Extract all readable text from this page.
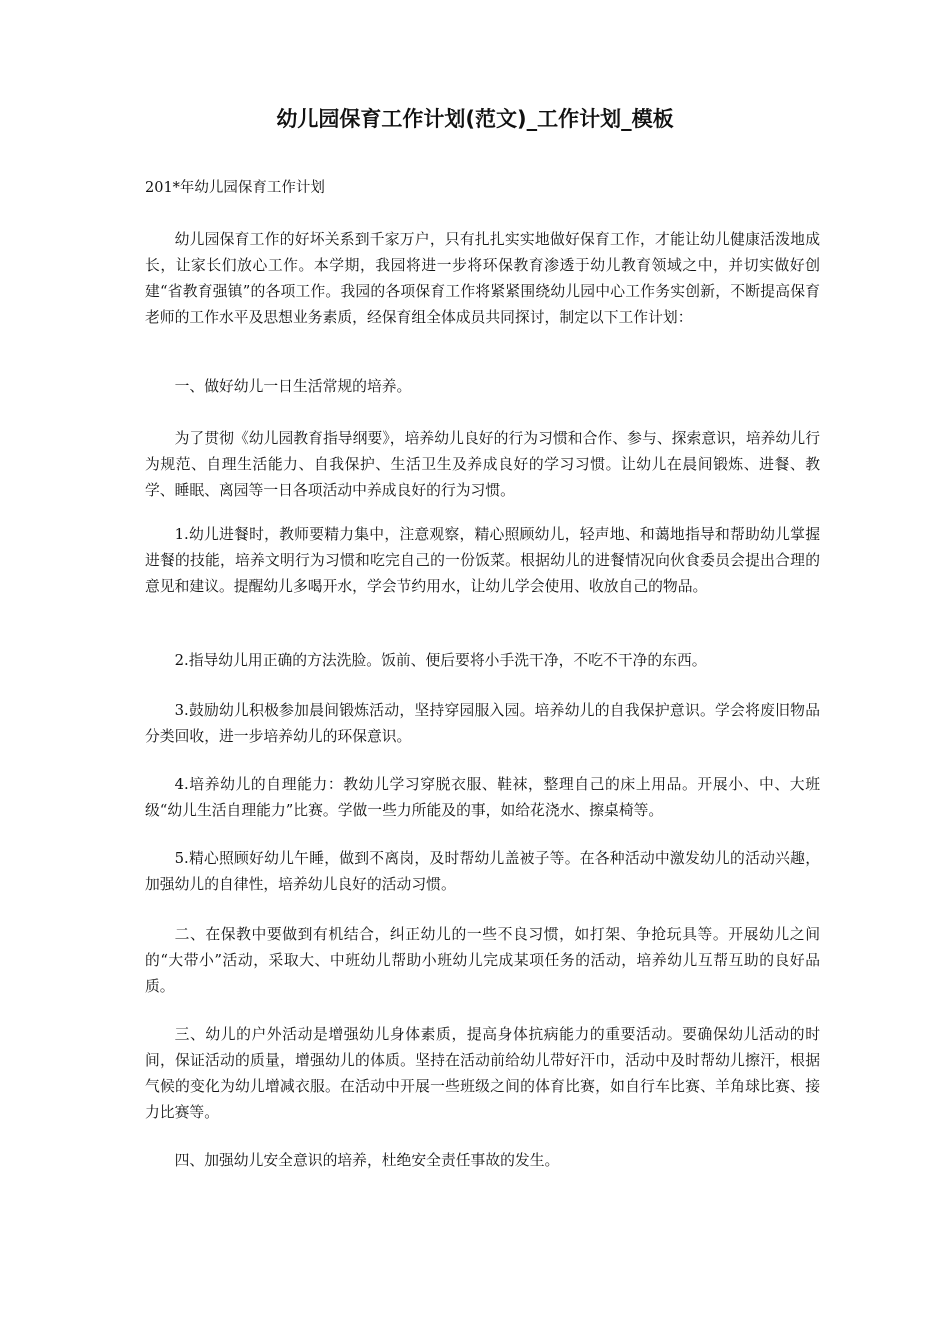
幼儿园保育工作计划(范文)_工作计划_模板

201*年幼儿园保育工作计划

幼儿园保育工作的好坏关系到千家万户，只有扎扎实实地做好保育工作，才能让幼儿健康活泼地成长，让家长们放心工作。本学期，我园将进一步将环保教育渗透于幼儿教育领域之中，并切实做好创建“省教育强镇”的各项工作。我园的各项保育工作将紧紧围绕幼儿园中心工作务实创新，不断提高保育老师的工作水平及思想业务素质，经保育组全体成员共同探讨，制定以下工作计划：

一、做好幼儿一日生活常规的培养。

为了贯彻《幼儿园教育指导纲要》，培养幼儿良好的行为习惯和合作、参与、探索意识，培养幼儿行为规范、自理生活能力、自我保护、生活卫生及养成良好的学习习惯。让幼儿在晨间锻炼、进餐、教学、睡眠、离园等一日各项活动中养成良好的行为习惯。

1.幼儿进餐时，教师要精力集中，注意观察，精心照顾幼儿，轻声地、和蔼地指导和帮助幼儿掌握进餐的技能，培养文明行为习惯和吃完自己的一份饭菜。根据幼儿的进餐情况向伙食委员会提出合理的意见和建议。提醒幼儿多喝开水，学会节约用水，让幼儿学会使用、收放自己的物品。

2.指导幼儿用正确的方法洗脸。饭前、便后要将小手洗干净，不吃不干净的东西。

3.鼓励幼儿积极参加晨间锻炼活动，坚持穿园服入园。培养幼儿的自我保护意识。学会将废旧物品分类回收，进一步培养幼儿的环保意识。

4.培养幼儿的自理能力：教幼儿学习穿脱衣服、鞋袜，整理自己的床上用品。开展小、中、大班级“幼儿生活自理能力”比赛。学做一些力所能及的事，如给花浇水、擦桌椅等。

5.精心照顾好幼儿午睡，做到不离岗，及时帮幼儿盖被子等。在各种活动中激发幼儿的活动兴趣，加强幼儿的自律性，培养幼儿良好的活动习惯。

二、在保教中要做到有机结合，纠正幼儿的一些不良习惯，如打架、争抢玩具等。开展幼儿之间的“大带小”活动，采取大、中班幼儿帮助小班幼儿完成某项任务的活动，培养幼儿互帮互助的良好品质。

三、幼儿的户外活动是增强幼儿身体素质，提高身体抗病能力的重要活动。要确保幼儿活动的时间，保证活动的质量，增强幼儿的体质。坚持在活动前给幼儿带好汗巾，活动中及时帮幼儿擦汗，根据气候的变化为幼儿增减衣服。在活动中开展一些班级之间的体育比赛，如自行车比赛、羊角球比赛、接力比赛等。

四、加强幼儿安全意识的培养，杜绝安全责任事故的发生。
